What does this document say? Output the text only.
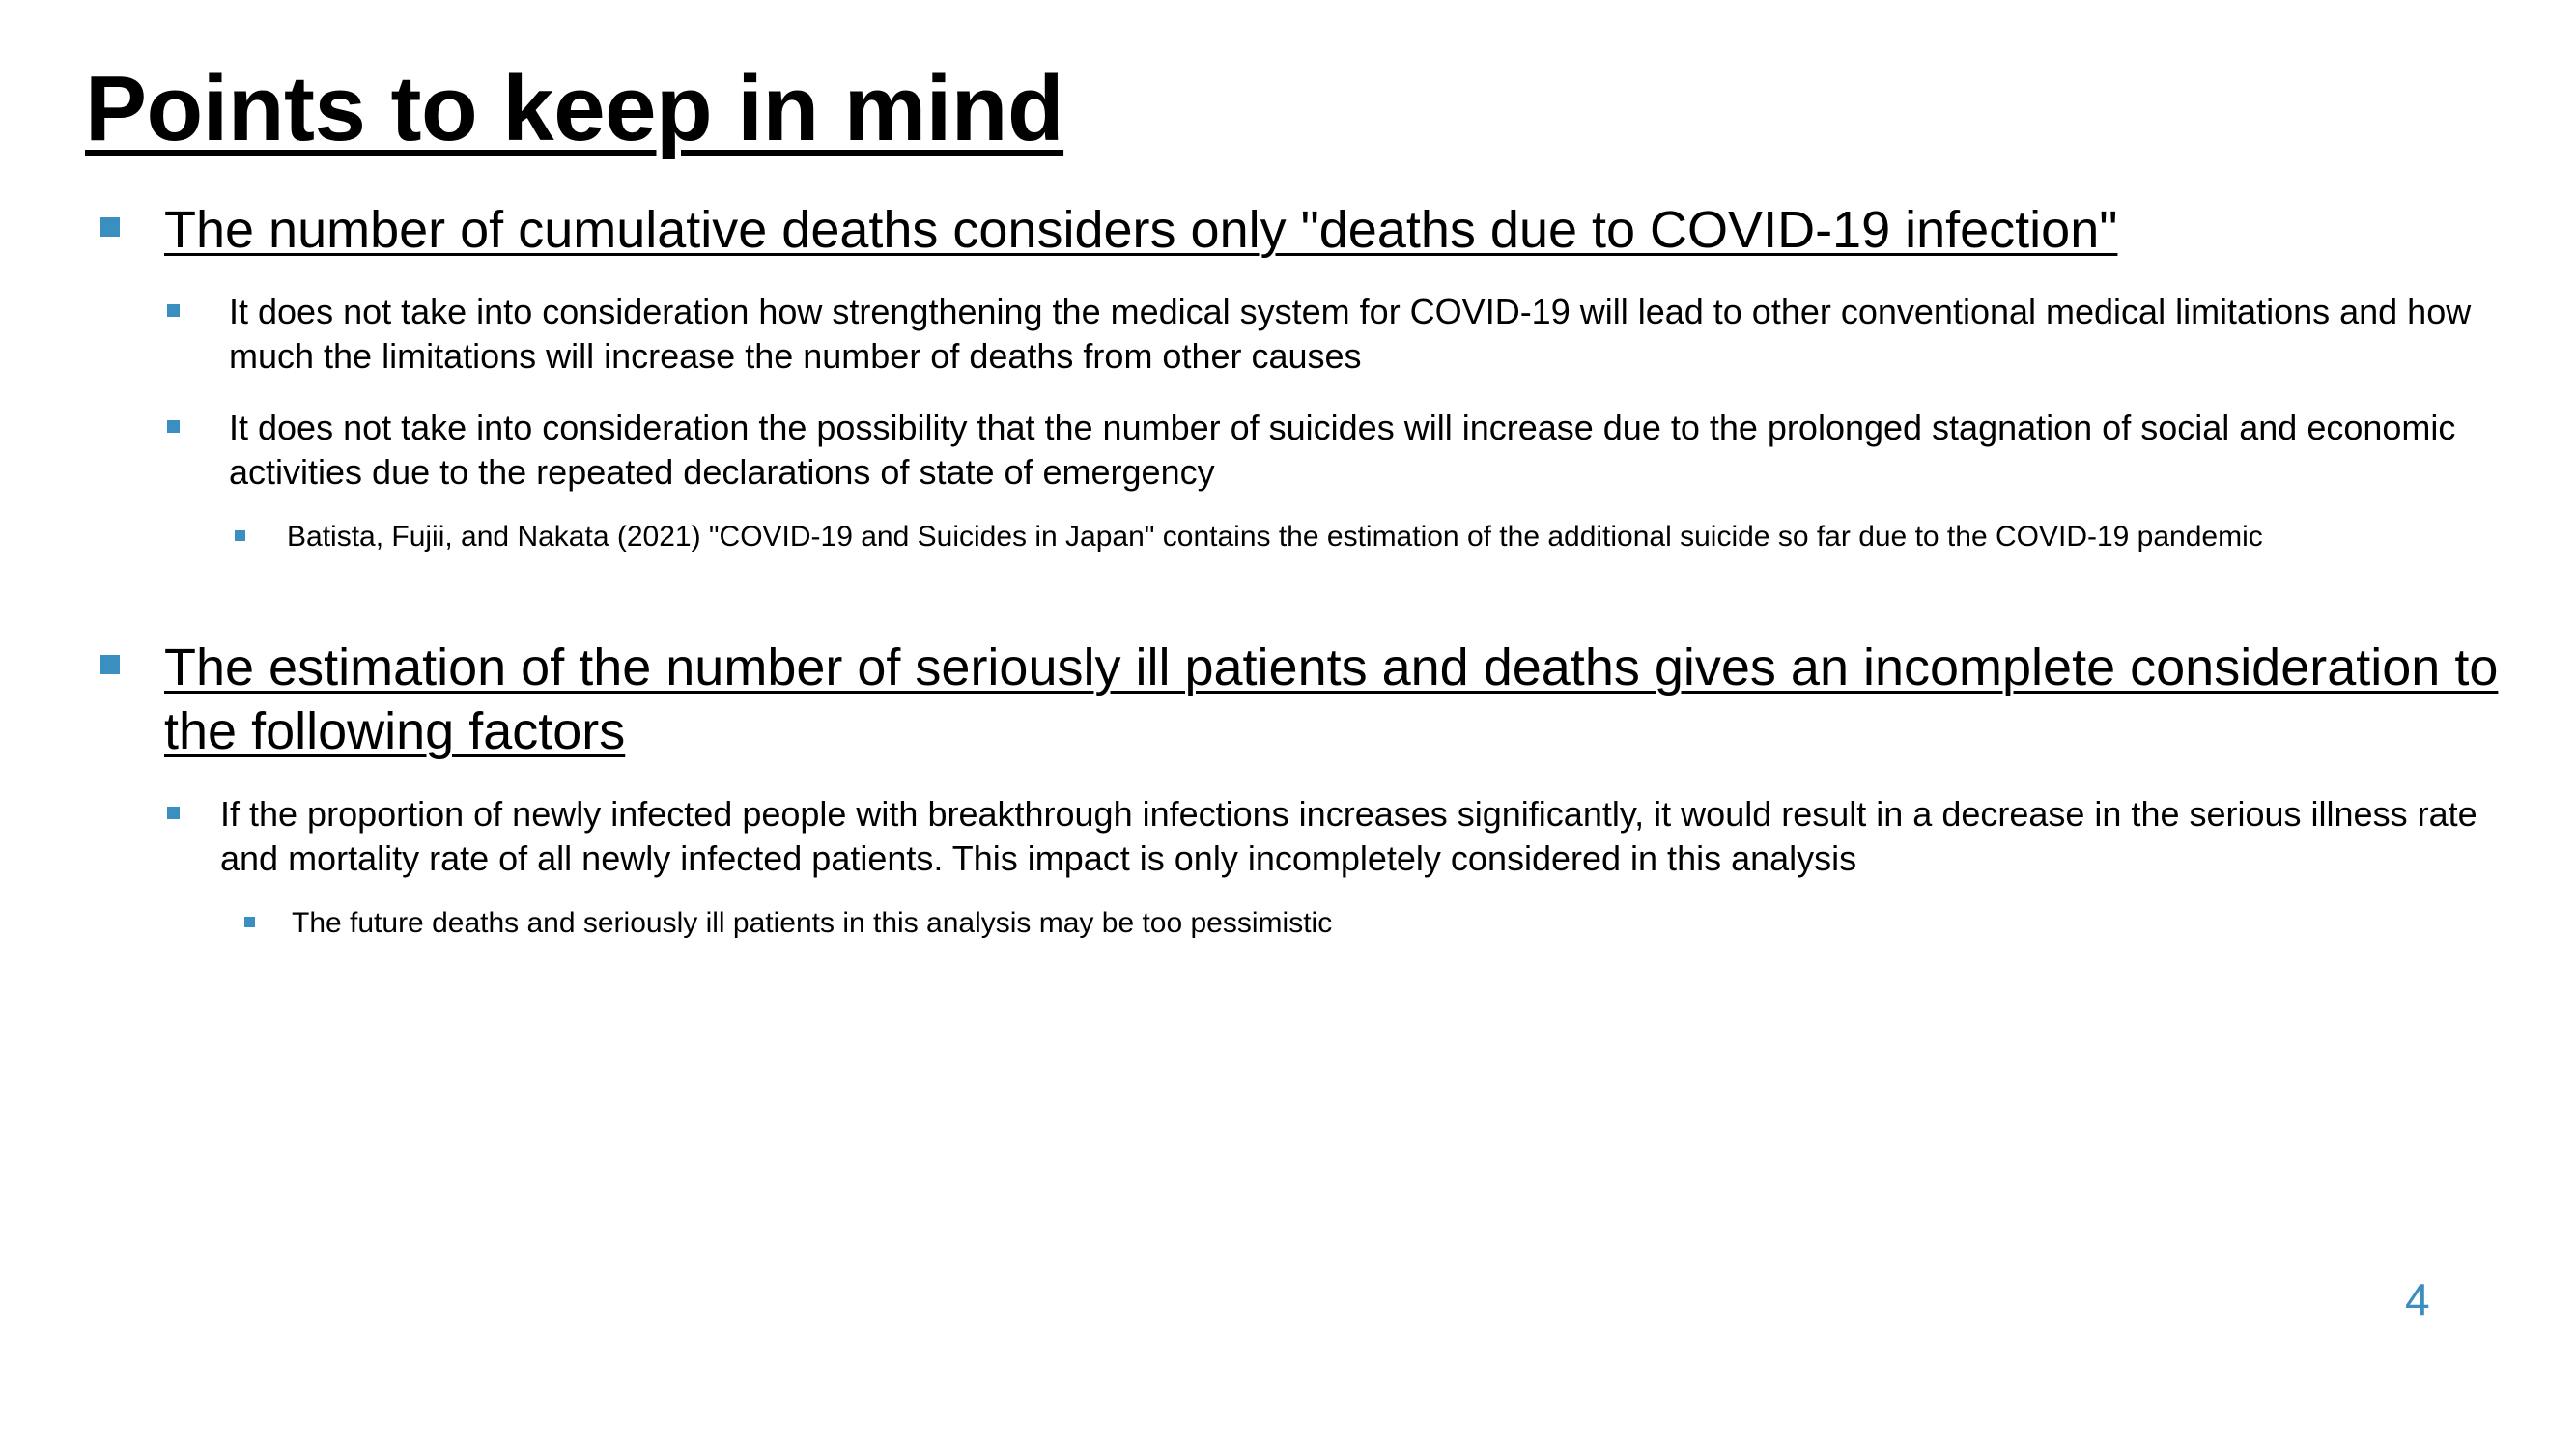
Points to keep in mind
The number of cumulative deaths considers only "deaths due to COVID-19 infection"
It does not take into consideration how strengthening the medical system for COVID-19 will lead to other conventional medical limitations and how much the limitations will increase the number of deaths from other causes
It does not take into consideration the possibility that the number of suicides will increase due to the prolonged stagnation of social and economic activities due to the repeated declarations of state of emergency
Batista, Fujii, and Nakata (2021) "COVID-19 and Suicides in Japan" contains the estimation of the additional suicide so far due to the COVID-19 pandemic
The estimation of the number of seriously ill patients and deaths gives an incomplete consideration to the following factors
If the proportion of newly infected people with breakthrough infections increases significantly, it would result in a decrease in the serious illness rate and mortality rate of all newly infected patients. This impact is only incompletely considered in this analysis
The future deaths and seriously ill patients in this analysis may be too pessimistic
4
